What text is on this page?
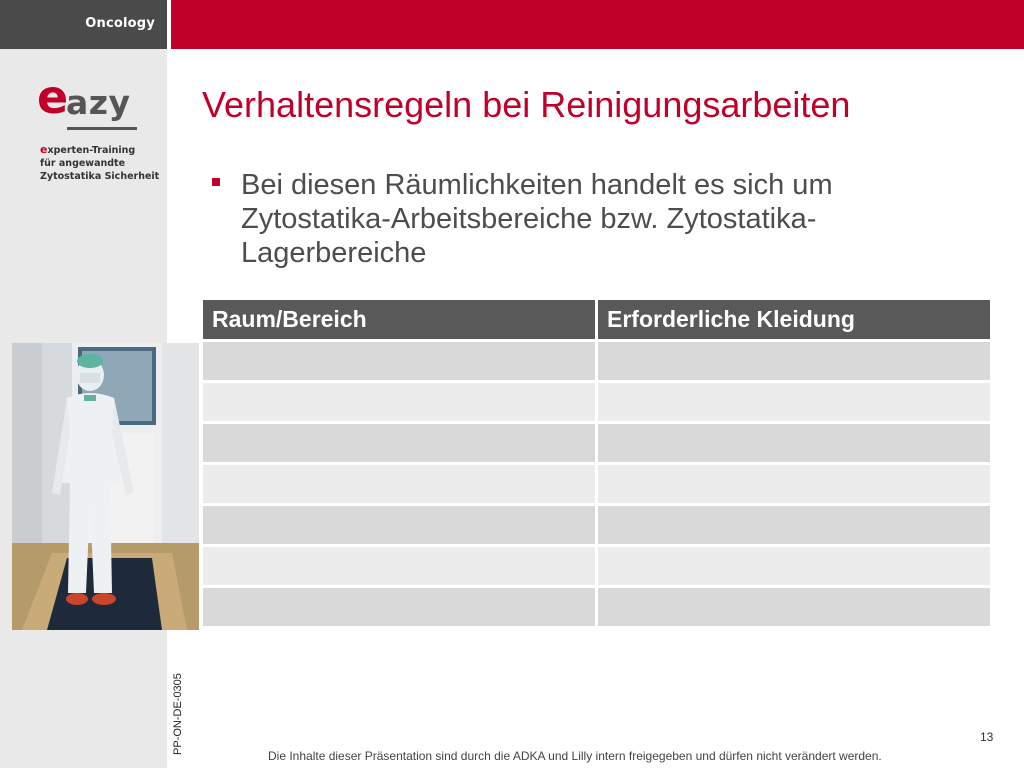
Oncology
e
azy
experten-Training
für angewandte
Zytostatika Sicherheit
PP-ON-DE-0305
Verhaltensregeln bei Reinigungsarbeiten
Bei diesen Räumlichkeiten handelt es sich um Zytostatika-Arbeitsbereiche bzw. Zytostatika-Lagerbereiche
Raum/Bereich	Erforderliche Kleidung

13
Die Inhalte dieser Präsentation sind durch die ADKA und Lilly intern freigegeben und dürfen nicht verändert werden.
